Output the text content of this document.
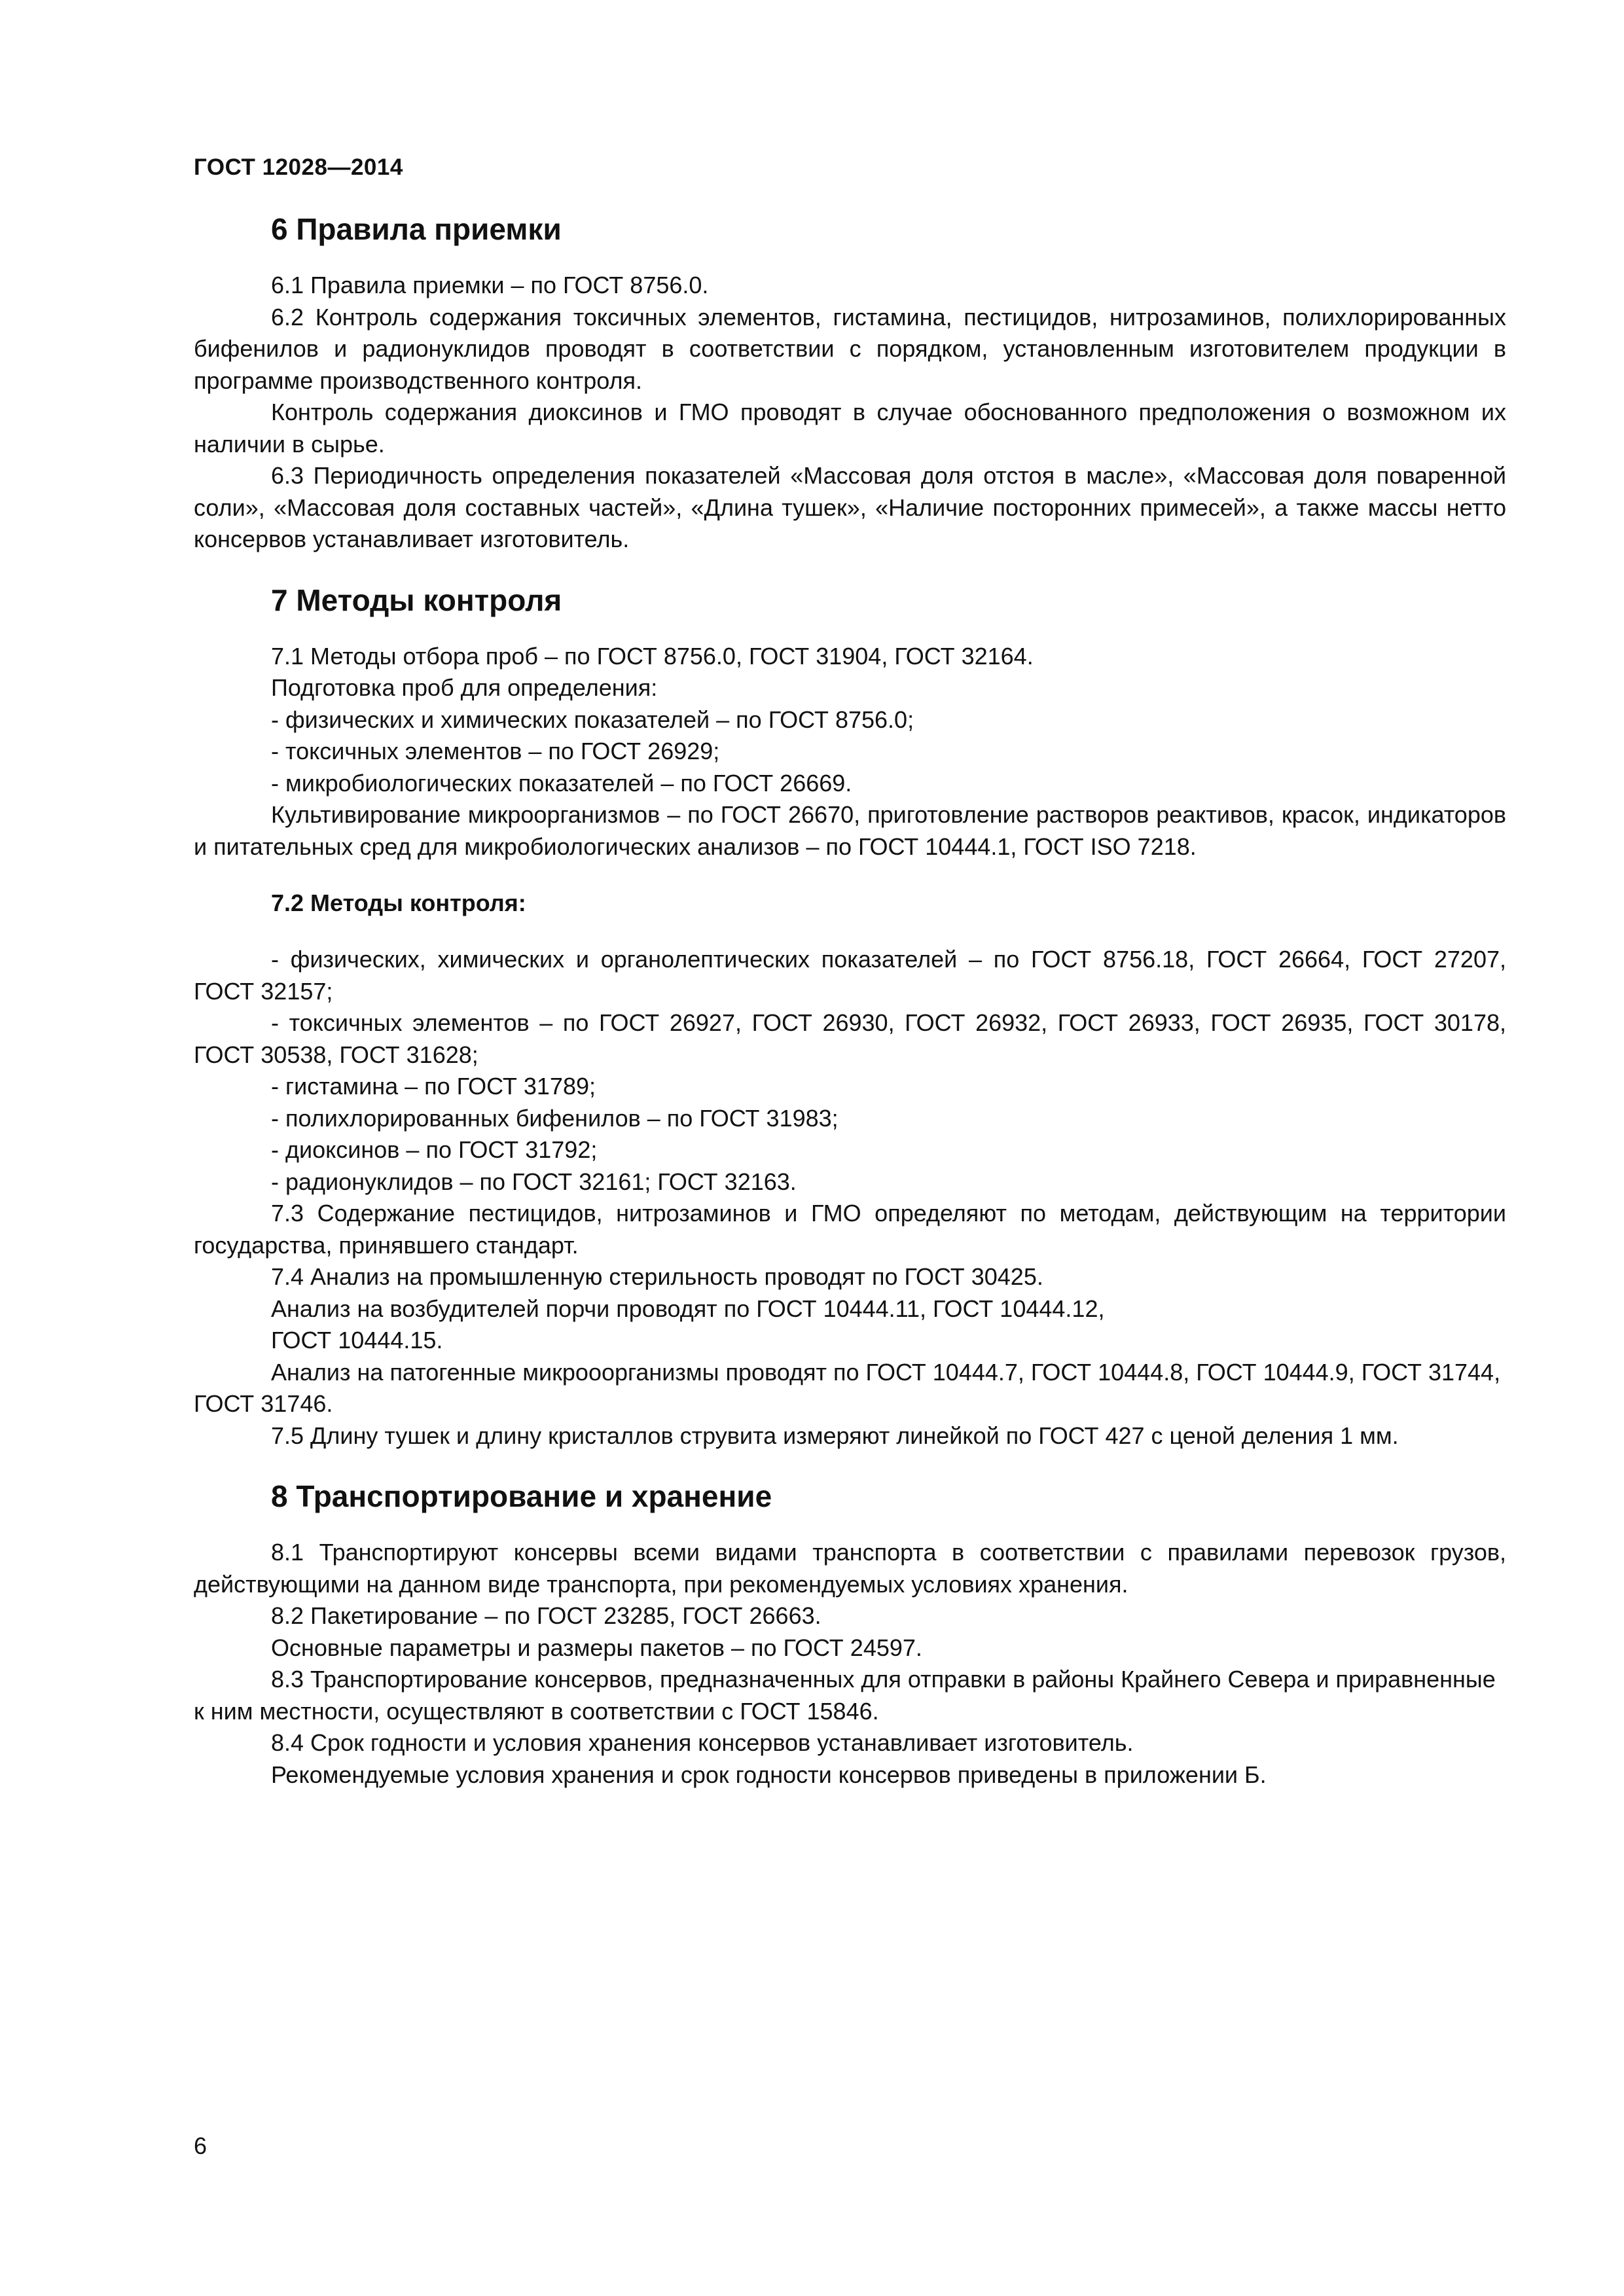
ГОСТ 12028—2014
6 Правила приемки

6.1 Правила приемки – по ГОСТ 8756.0.

6.2 Контроль содержания токсичных элементов, гистамина, пестицидов, нитрозаминов, полихлорированных бифенилов и радионуклидов проводят в соответствии с порядком, установленным изготовителем продукции в программе производственного контроля.

Контроль содержания диоксинов и ГМО проводят в случае обоснованного предположения о возможном их наличии в сырье.

6.3 Периодичность определения показателей «Массовая доля отстоя в масле», «Массовая доля поваренной соли», «Массовая доля составных частей», «Длина тушек», «Наличие посторонних примесей», а также массы нетто консервов устанавливает изготовитель.

7 Методы контроля

7.1 Методы отбора проб – по ГОСТ 8756.0, ГОСТ 31904, ГОСТ 32164.

Подготовка проб для определения:

- физических и химических показателей – по ГОСТ 8756.0;

- токсичных элементов – по ГОСТ 26929;

- микробиологических показателей – по ГОСТ 26669.

Культивирование микроорганизмов – по ГОСТ 26670, приготовление растворов реактивов, красок, индикаторов и питательных сред для микробиологических анализов – по ГОСТ 10444.1, ГОСТ ISO 7218.

7.2 Методы контроля:

- физических, химических и органолептических показателей – по ГОСТ 8756.18, ГОСТ 26664, ГОСТ 27207, ГОСТ 32157;

- токсичных элементов – по ГОСТ 26927, ГОСТ 26930, ГОСТ 26932, ГОСТ 26933, ГОСТ 26935, ГОСТ 30178, ГОСТ 30538, ГОСТ 31628;

- гистамина – по ГОСТ 31789;

- полихлорированных бифенилов – по ГОСТ 31983;

- диоксинов – по ГОСТ 31792;

- радионуклидов – по ГОСТ 32161; ГОСТ 32163.

7.3 Содержание пестицидов, нитрозаминов и ГМО определяют по методам, действующим на территории государства, принявшего стандарт.

7.4 Анализ на промышленную стерильность проводят по ГОСТ 30425.

Анализ на возбудителей порчи проводят по ГОСТ 10444.11, ГОСТ 10444.12,

ГОСТ 10444.15.

Анализ на патогенные микрооорганизмы проводят по ГОСТ 10444.7, ГОСТ 10444.8, ГОСТ 10444.9, ГОСТ 31744, ГОСТ 31746.

7.5 Длину тушек и длину кристаллов струвита измеряют линейкой по ГОСТ 427 с ценой деления 1 мм.

8 Транспортирование и хранение

8.1 Транспортируют консервы всеми видами транспорта в соответствии с правилами перевозок грузов, действующими на данном виде транспорта, при рекомендуемых условиях хранения.

8.2 Пакетирование – по ГОСТ 23285, ГОСТ 26663.

Основные параметры и размеры пакетов – по ГОСТ 24597.

8.3 Транспортирование консервов, предназначенных для отправки в районы Крайнего Севера и приравненные к ним местности, осуществляют в соответствии с ГОСТ 15846.

8.4 Срок годности и условия хранения консервов устанавливает изготовитель.

Рекомендуемые условия хранения и срок годности консервов приведены в приложении Б.

6
